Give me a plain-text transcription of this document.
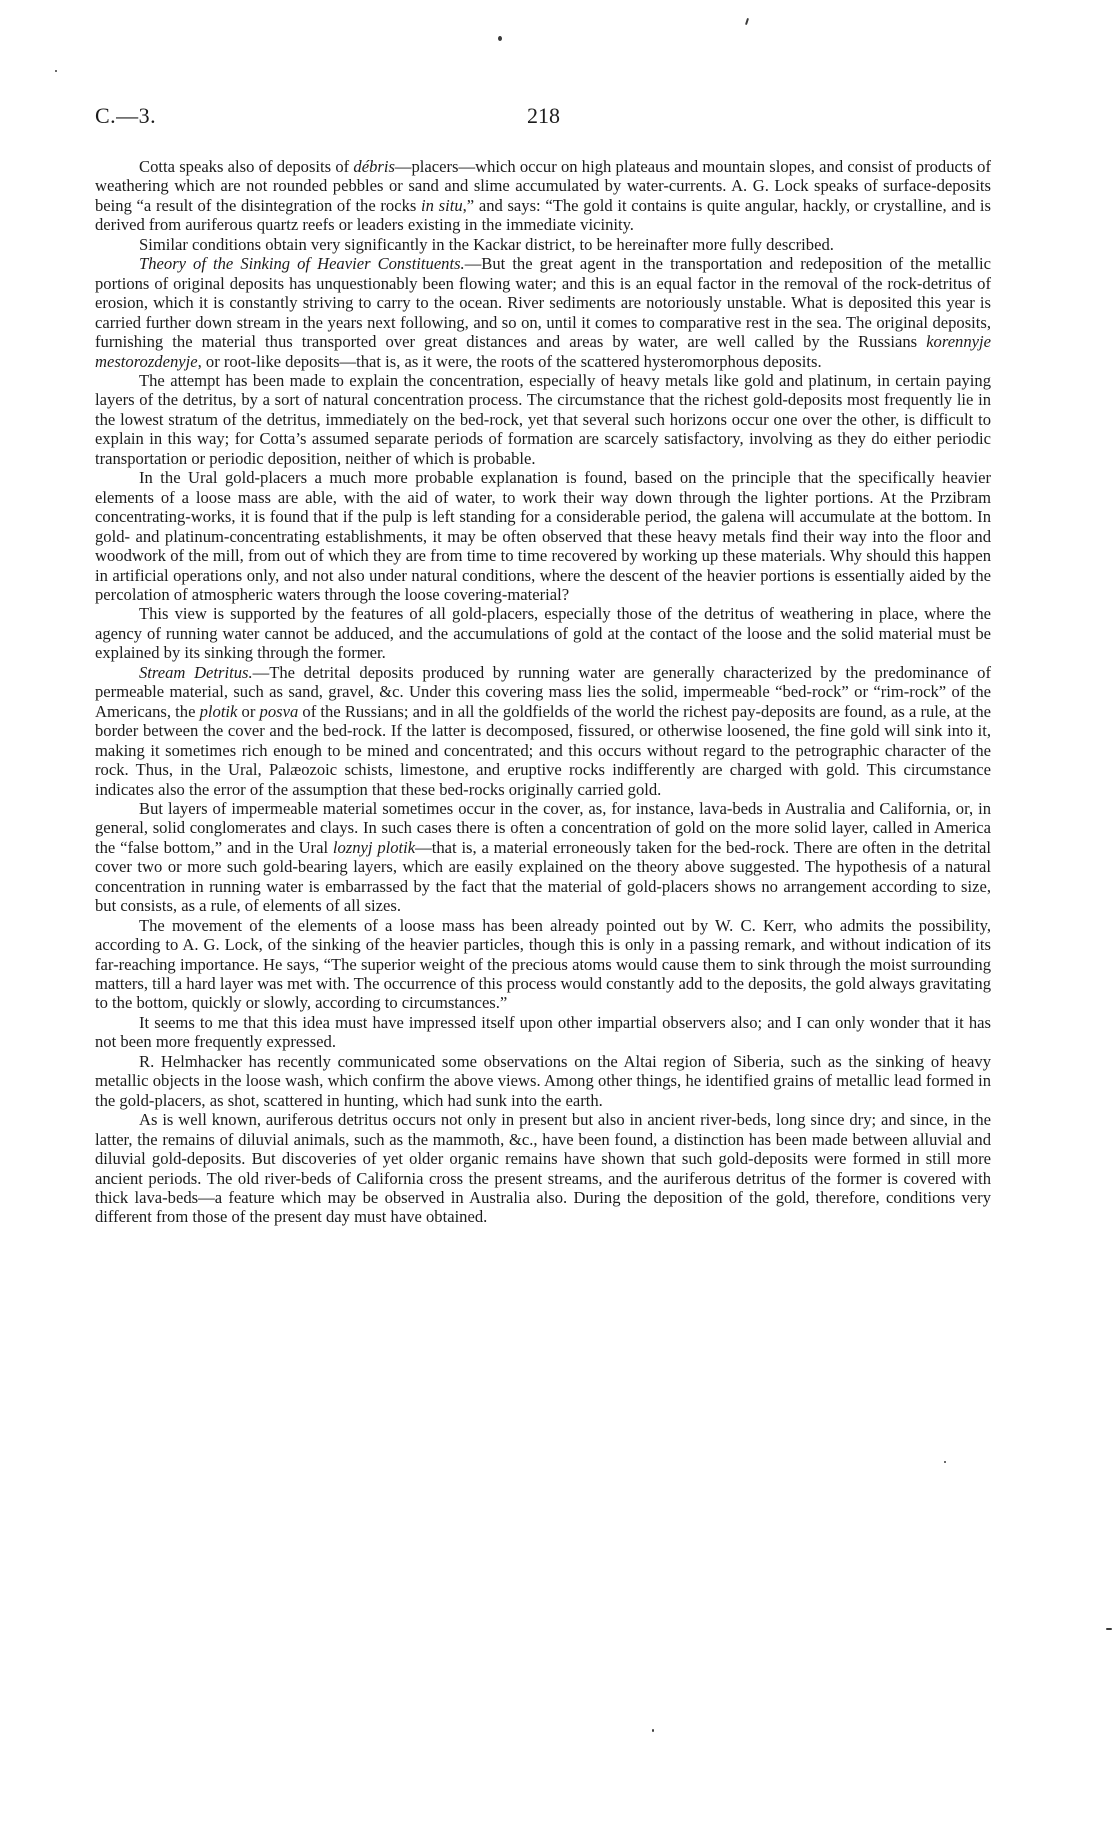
C.—3.	218

Cotta speaks also of deposits of débris—placers—which occur on high plateaus and mountain slopes, and consist of products of weathering which are not rounded pebbles or sand and slime accumulated by water-currents. A. G. Lock speaks of surface-deposits being “a result of the disintegration of the rocks in situ,” and says: “The gold it contains is quite angular, hackly, or crystalline, and is derived from auriferous quartz reefs or leaders existing in the immediate vicinity.

Similar conditions obtain very significantly in the Kackar district, to be hereinafter more fully described.

Theory of the Sinking of Heavier Constituents.—But the great agent in the transportation and redeposition of the metallic portions of original deposits has unquestionably been flowing water; and this is an equal factor in the removal of the rock-detritus of erosion, which it is constantly striving to carry to the ocean. River sediments are notoriously unstable. What is deposited this year is carried further down stream in the years next following, and so on, until it comes to comparative rest in the sea. The original deposits, furnishing the material thus transported over great distances and areas by water, are well called by the Russians korennyje mestorozdenyje, or root-like deposits—that is, as it were, the roots of the scattered hysteromorphous deposits.

The attempt has been made to explain the concentration, especially of heavy metals like gold and platinum, in certain paying layers of the detritus, by a sort of natural concentration process. The circumstance that the richest gold-deposits most frequently lie in the lowest stratum of the detritus, immediately on the bed-rock, yet that several such horizons occur one over the other, is difficult to explain in this way; for Cotta’s assumed separate periods of formation are scarcely satisfactory, involving as they do either periodic transportation or periodic deposition, neither of which is probable.

In the Ural gold-placers a much more probable explanation is found, based on the principle that the specifically heavier elements of a loose mass are able, with the aid of water, to work their way down through the lighter portions. At the Przibram concentrating-works, it is found that if the pulp is left standing for a considerable period, the galena will accumulate at the bottom. In gold- and platinum-concentrating establishments, it may be often observed that these heavy metals find their way into the floor and woodwork of the mill, from out of which they are from time to time recovered by working up these materials. Why should this happen in artificial operations only, and not also under natural conditions, where the descent of the heavier portions is essentially aided by the percolation of atmospheric waters through the loose covering-material?

This view is supported by the features of all gold-placers, especially those of the detritus of weathering in place, where the agency of running water cannot be adduced, and the accumulations of gold at the contact of the loose and the solid material must be explained by its sinking through the former.

Stream Detritus.—The detrital deposits produced by running water are generally characterized by the predominance of permeable material, such as sand, gravel, &c. Under this covering mass lies the solid, impermeable “bed-rock” or “rim-rock” of the Americans, the plotik or posva of the Russians; and in all the goldfields of the world the richest pay-deposits are found, as a rule, at the border between the cover and the bed-rock. If the latter is decomposed, fissured, or otherwise loosened, the fine gold will sink into it, making it sometimes rich enough to be mined and concentrated; and this occurs without regard to the petrographic character of the rock. Thus, in the Ural, Palæozoic schists, limestone, and eruptive rocks indifferently are charged with gold. This circumstance indicates also the error of the assumption that these bed-rocks originally carried gold.

But layers of impermeable material sometimes occur in the cover, as, for instance, lava-beds in Australia and California, or, in general, solid conglomerates and clays. In such cases there is often a concentration of gold on the more solid layer, called in America the “false bottom,” and in the Ural loznyj plotik—that is, a material erroneously taken for the bed-rock. There are often in the detrital cover two or more such gold-bearing layers, which are easily explained on the theory above suggested. The hypothesis of a natural concentration in running water is embarrassed by the fact that the material of gold-placers shows no arrangement according to size, but consists, as a rule, of elements of all sizes.

The movement of the elements of a loose mass has been already pointed out by W. C. Kerr, who admits the possibility, according to A. G. Lock, of the sinking of the heavier particles, though this is only in a passing remark, and without indication of its far-reaching importance. He says, “The superior weight of the precious atoms would cause them to sink through the moist surrounding matters, till a hard layer was met with. The occurrence of this process would constantly add to the deposits, the gold always gravitating to the bottom, quickly or slowly, according to circumstances.”

It seems to me that this idea must have impressed itself upon other impartial observers also; and I can only wonder that it has not been more frequently expressed.

R. Helmhacker has recently communicated some observations on the Altai region of Siberia, such as the sinking of heavy metallic objects in the loose wash, which confirm the above views. Among other things, he identified grains of metallic lead formed in the gold-placers, as shot, scattered in hunting, which had sunk into the earth.

As is well known, auriferous detritus occurs not only in present but also in ancient river-beds, long since dry; and since, in the latter, the remains of diluvial animals, such as the mammoth, &c., have been found, a distinction has been made between alluvial and diluvial gold-deposits. But discoveries of yet older organic remains have shown that such gold-deposits were formed in still more ancient periods. The old river-beds of California cross the present streams, and the auriferous detritus of the former is covered with thick lava-beds—a feature which may be observed in Australia also. During the deposition of the gold, therefore, conditions very different from those of the present day must have obtained.
